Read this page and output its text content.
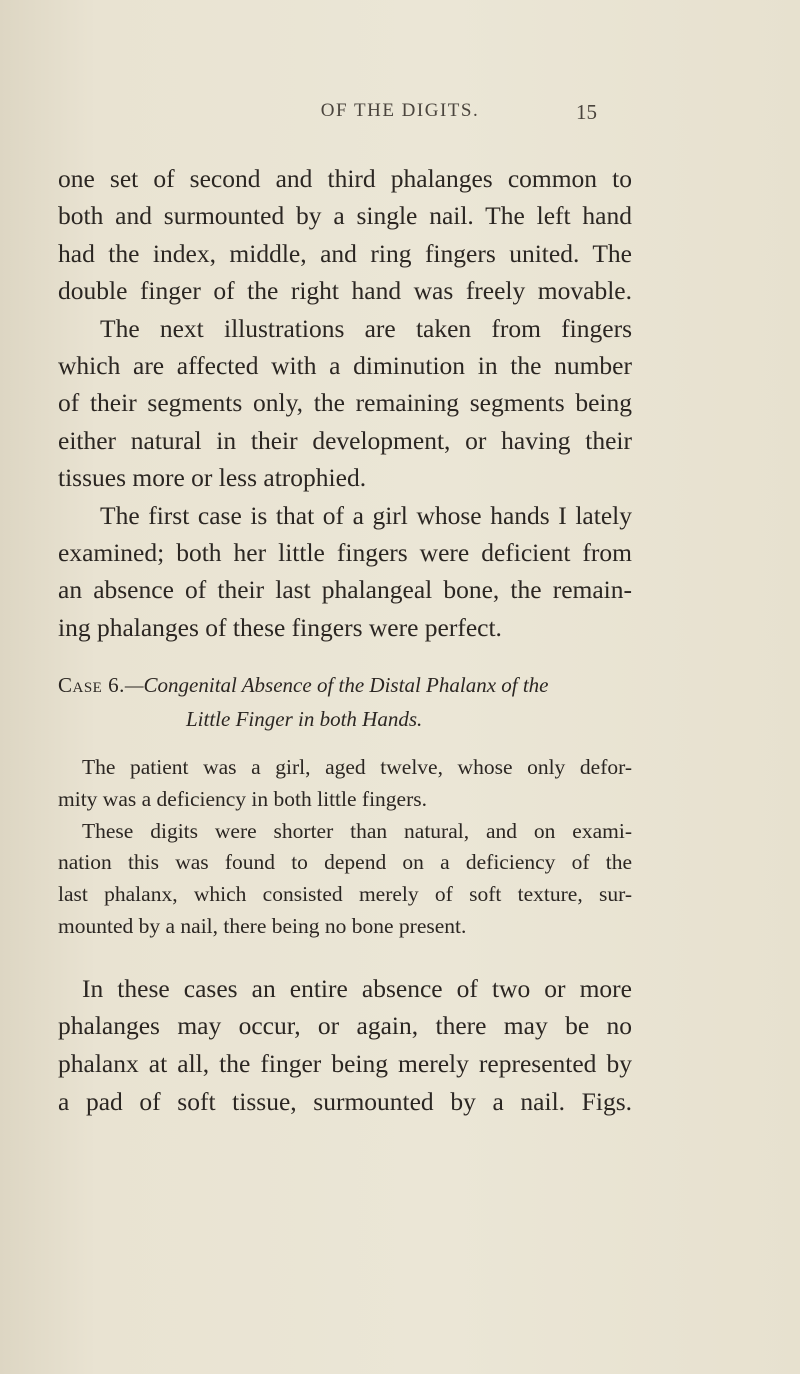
OF THE DIGITS.	15
one set of second and third phalanges common to
both and surmounted by a single nail. The left hand
had the index, middle, and ring fingers united. The
double finger of the right hand was freely movable.
The next illustrations are taken from fingers
which are affected with a diminution in the number
of their segments only, the remaining segments being
either natural in their development, or having their
tissues more or less atrophied.
The first case is that of a girl whose hands I lately
examined; both her little fingers were deficient from
an absence of their last phalangeal bone, the remain-
ing phalanges of these fingers were perfect.
Case 6.—Congenital Absence of the Distal Phalanx of the
Little Finger in both Hands.
The patient was a girl, aged twelve, whose only defor-
mity was a deficiency in both little fingers.
These digits were shorter than natural, and on exami-
nation this was found to depend on a deficiency of the
last phalanx, which consisted merely of soft texture, sur-
mounted by a nail, there being no bone present.
In these cases an entire absence of two or more
phalanges may occur, or again, there may be no
phalanx at all, the finger being merely represented by
a pad of soft tissue, surmounted by a nail. Figs.
